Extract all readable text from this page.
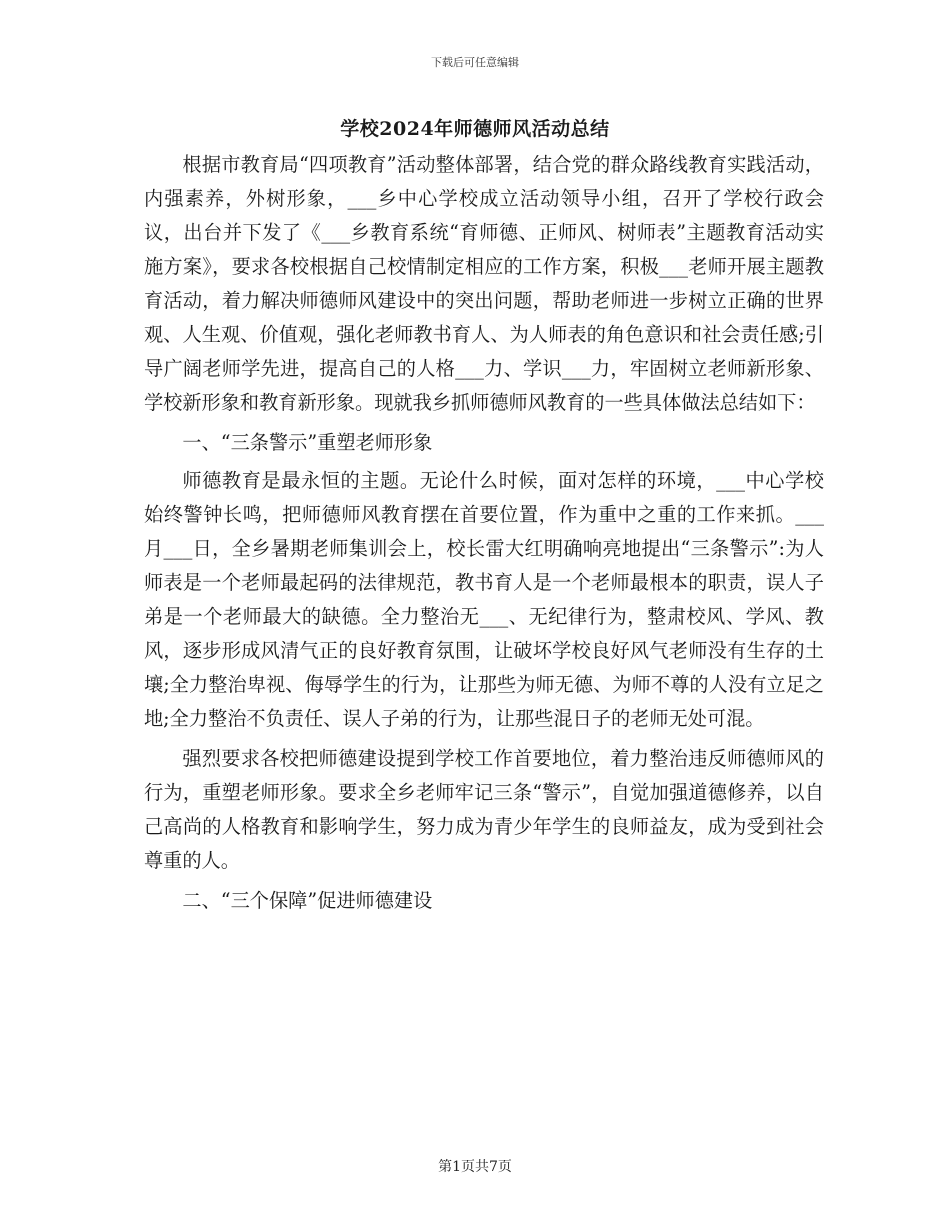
下载后可任意编辑
学校2024年师德师风活动总结

根据市教育局“四项教育”活动整体部署，结合党的群众路线教育实践活动，内强素养，外树形象，___乡中心学校成立活动领导小组，召开了学校行政会议，出台并下发了《___乡教育系统“育师德、正师风、树师表”主题教育活动实施方案》，要求各校根据自己校情制定相应的工作方案，积极___老师开展主题教育活动，着力解决师德师风建设中的突出问题，帮助老师进一步树立正确的世界观、人生观、价值观，强化老师教书育人、为人师表的角色意识和社会责任感;引导广阔老师学先进，提高自己的人格___力、学识___力，牢固树立老师新形象、学校新形象和教育新形象。现就我乡抓师德师风教育的一些具体做法总结如下：

一、“三条警示”重塑老师形象

师德教育是最永恒的主题。无论什么时候，面对怎样的环境，___中心学校始终警钟长鸣，把师德师风教育摆在首要位置，作为重中之重的工作来抓。___月___日，全乡暑期老师集训会上，校长雷大红明确响亮地提出“三条警示”:为人师表是一个老师最起码的法律规范，教书育人是一个老师最根本的职责，误人子弟是一个老师最大的缺德。全力整治无___、无纪律行为，整肃校风、学风、教风，逐步形成风清气正的良好教育氛围，让破坏学校良好风气老师没有生存的土壤;全力整治卑视、侮辱学生的行为，让那些为师无德、为师不尊的人没有立足之地;全力整治不负责任、误人子弟的行为，让那些混日子的老师无处可混。

强烈要求各校把师德建设提到学校工作首要地位，着力整治违反师德师风的行为，重塑老师形象。要求全乡老师牢记三条“警示”，自觉加强道德修养，以自己高尚的人格教育和影响学生，努力成为青少年学生的良师益友，成为受到社会尊重的人。

二、“三个保障”促进师德建设

第1页共7页
